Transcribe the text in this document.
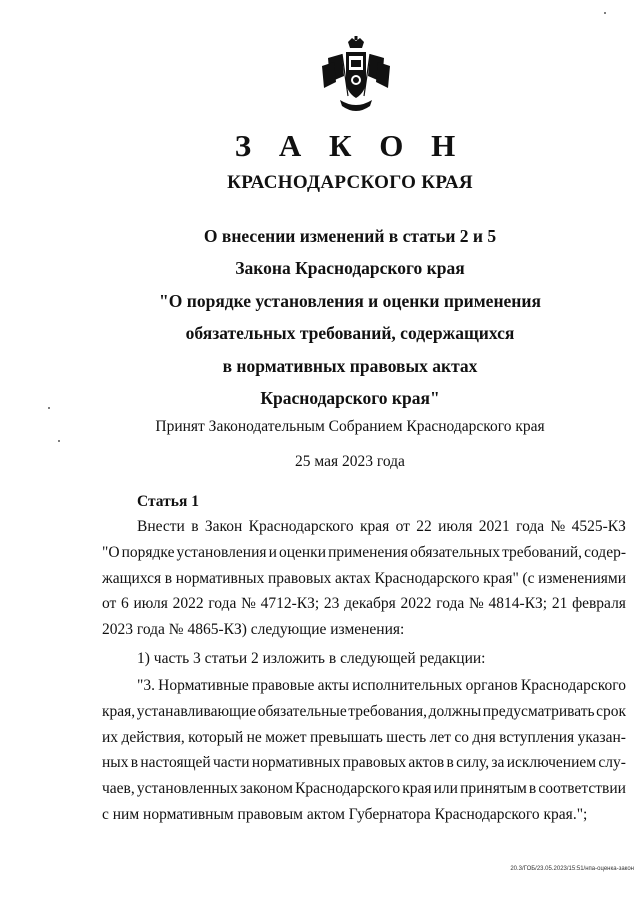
З А К О Н
КРАСНОДАРСКОГО КРАЯ
О внесении изменений в статьи 2 и 5
Закона Краснодарского края
"О порядке установления и оценки применения
обязательных требований, содержащихся
в нормативных правовых актах
Краснодарского края"

Принят Законодательным Собранием Краснодарского края

25 мая 2023 года

Статья 1

Внести в Закон Краснодарского края от 22 июля 2021 года № 4525-КЗ
"О порядке установления и оценки применения обязательных требований, содер-
жащихся в нормативных правовых актах Краснодарского края" (с изменениями
от 6 июля 2022 года № 4712-КЗ; 23 декабря 2022 года № 4814-КЗ; 21 февраля
2023 года № 4865-КЗ) следующие изменения:

1) часть 3 статьи 2 изложить в следующей редакции:

"3. Нормативные правовые акты исполнительных органов Краснодарского
края, устанавливающие обязательные требования, должны предусматривать срок
их действия, который не может превышать шесть лет со дня вступления указан-
ных в настоящей части нормативных правовых актов в силу, за исключением слу-
чаев, установленных законом Краснодарского края или принятым в соответствии
с ним нормативным правовым актом Губернатора Краснодарского края.";
20.3/ГОБ/23.05.2023/15:51/нпа-оценка-закон
